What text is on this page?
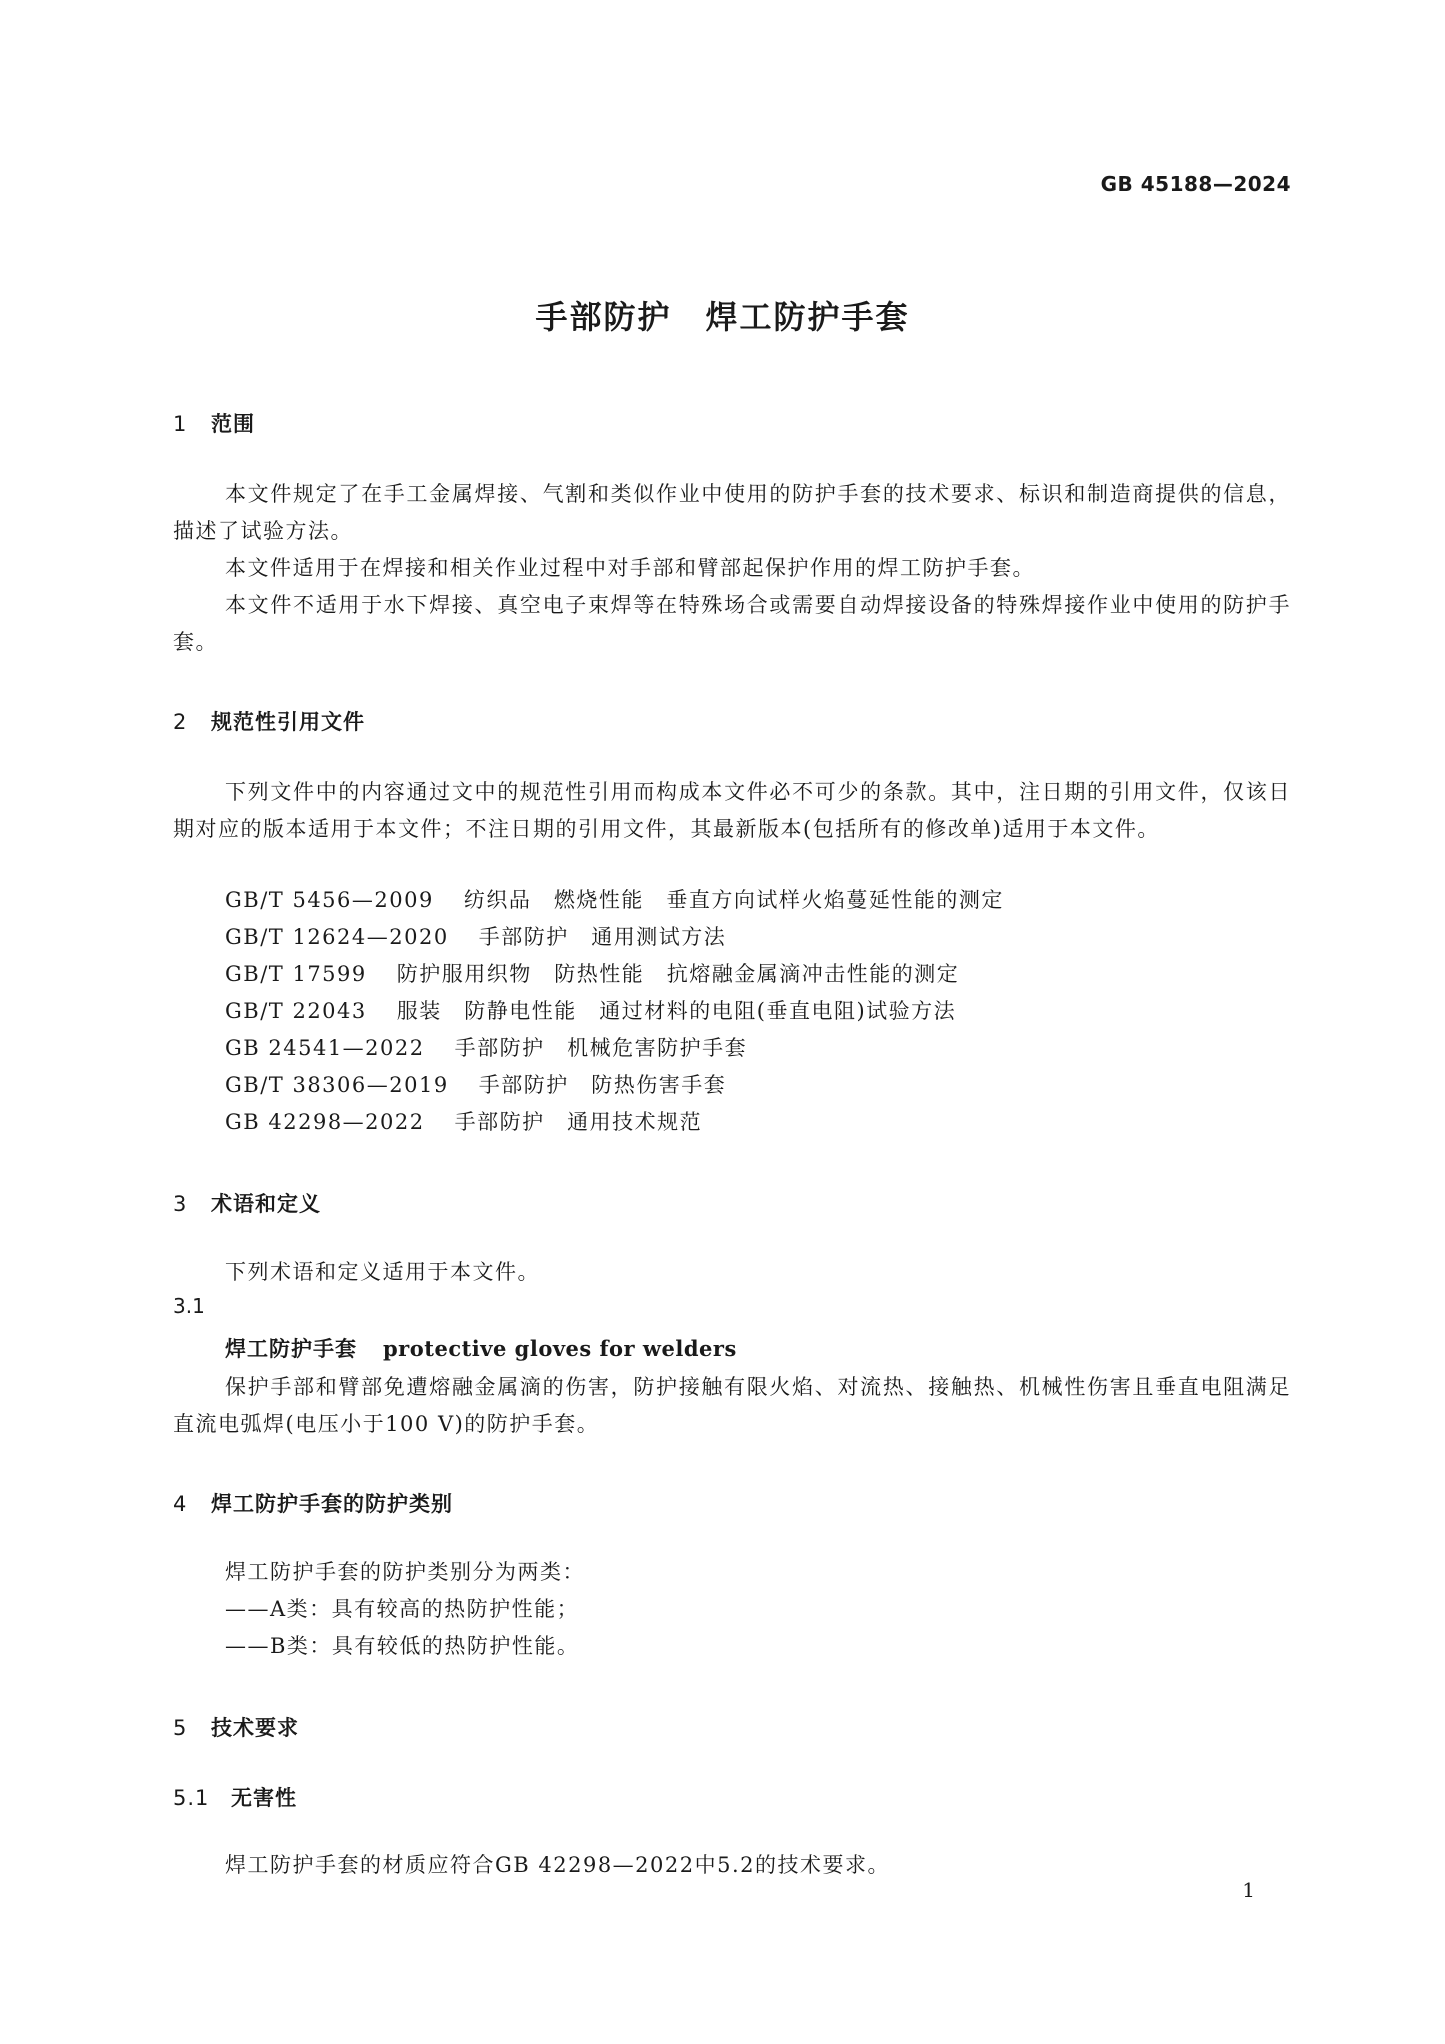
GB 45188—2024
手部防护　焊工防护手套
1 范围
本文件规定了在手工金属焊接、气割和类似作业中使用的防护手套的技术要求、标识和制造商提供的信息，描述了试验方法。
本文件适用于在焊接和相关作业过程中对手部和臂部起保护作用的焊工防护手套。
本文件不适用于水下焊接、真空电子束焊等在特殊场合或需要自动焊接设备的特殊焊接作业中使用的防护手套。
2 规范性引用文件
下列文件中的内容通过文中的规范性引用而构成本文件必不可少的条款。其中，注日期的引用文件，仅该日期对应的版本适用于本文件；不注日期的引用文件，其最新版本(包括所有的修改单)适用于本文件。
GB/T 5456—2009 纺织品　燃烧性能　垂直方向试样火焰蔓延性能的测定
GB/T 12624—2020 手部防护　通用测试方法
GB/T 17599 防护服用织物　防热性能　抗熔融金属滴冲击性能的测定
GB/T 22043 服装　防静电性能　通过材料的电阻(垂直电阻)试验方法
GB 24541—2022 手部防护　机械危害防护手套
GB/T 38306—2019 手部防护　防热伤害手套
GB 42298—2022 手部防护　通用技术规范
3 术语和定义
下列术语和定义适用于本文件。
3.1
焊工防护手套 protective gloves for welders
保护手部和臂部免遭熔融金属滴的伤害，防护接触有限火焰、对流热、接触热、机械性伤害且垂直电阻满足直流电弧焊(电压小于100 V)的防护手套。
4 焊工防护手套的防护类别
焊工防护手套的防护类别分为两类：
——A类：具有较高的热防护性能；
——B类：具有较低的热防护性能。
5 技术要求
5.1 无害性
焊工防护手套的材质应符合GB 42298—2022中5.2的技术要求。
1
